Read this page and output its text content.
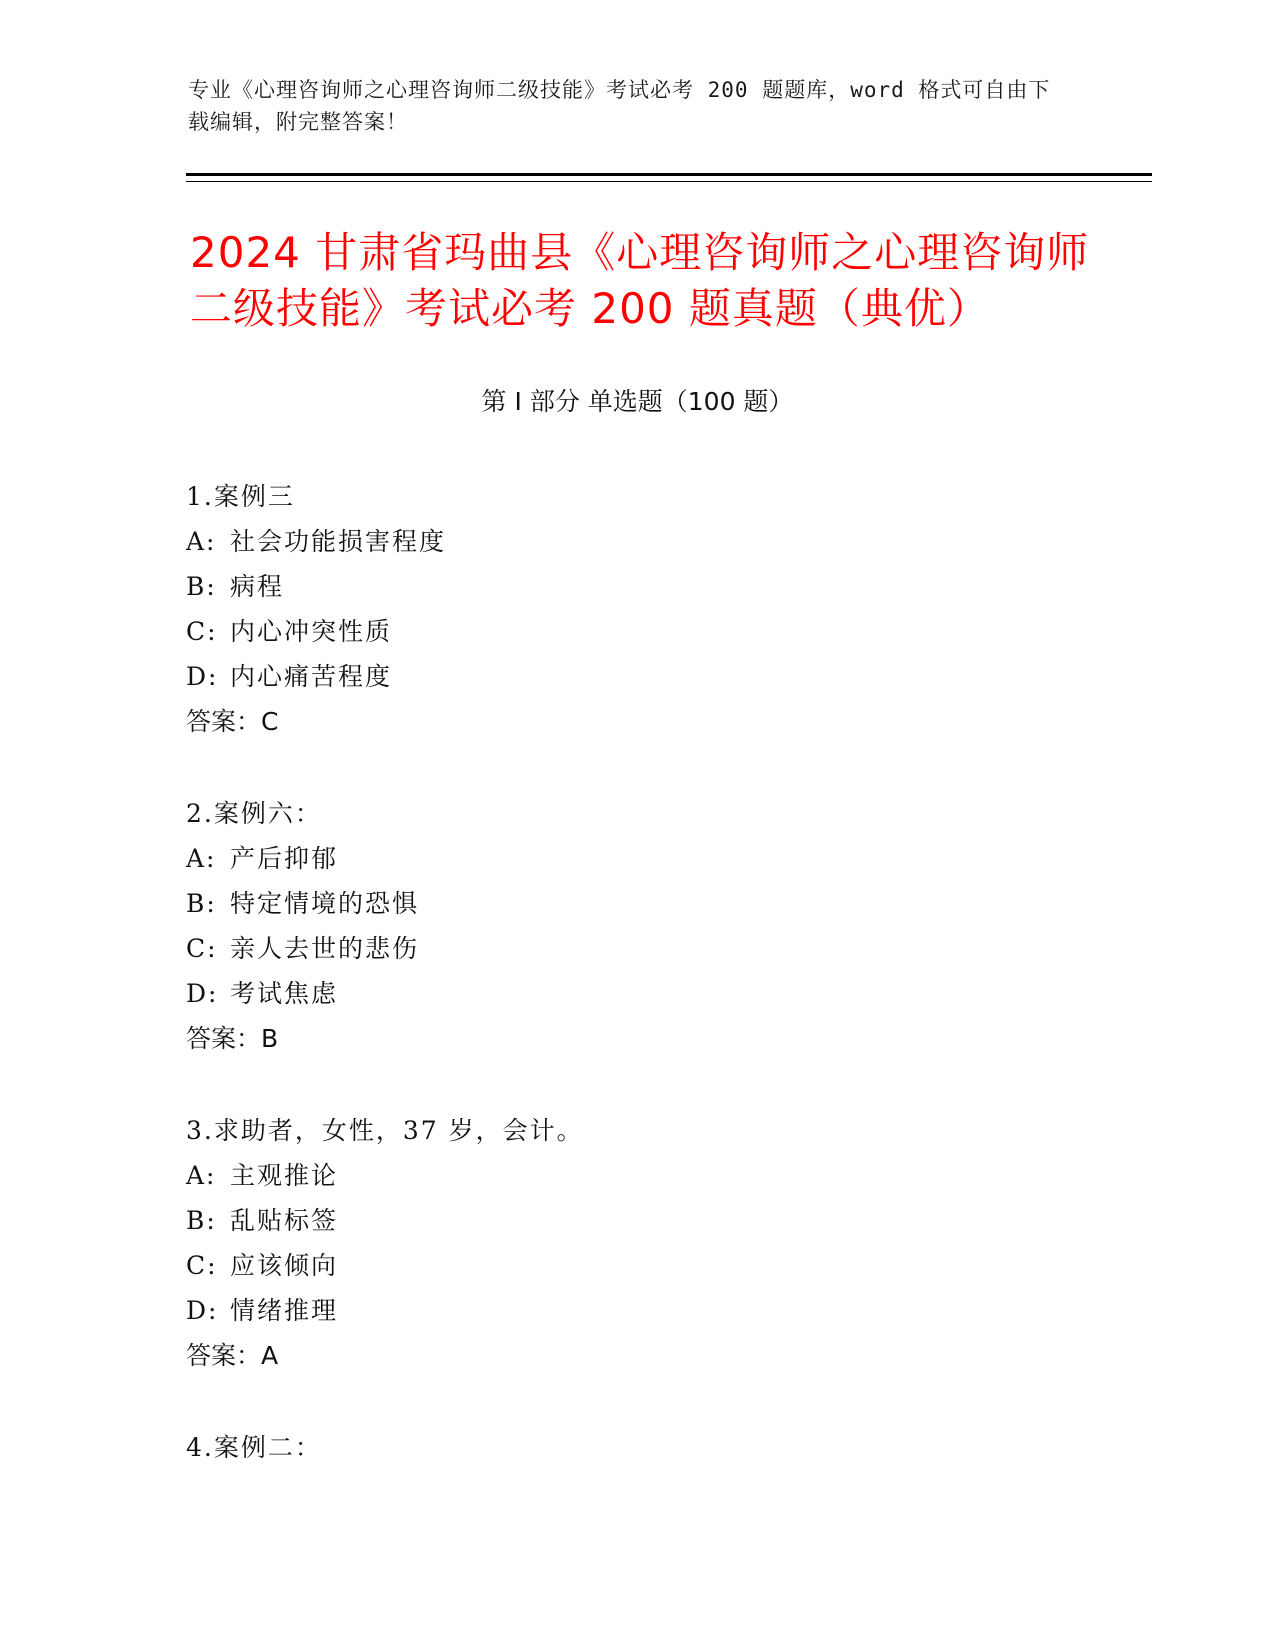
专业《心理咨询师之心理咨询师二级技能》考试必考 200 题题库，word 格式可自由下载编辑，附完整答案！
2024 甘肃省玛曲县《心理咨询师之心理咨询师二级技能》考试必考 200 题真题（典优）
第 I 部分 单选题（100 题）
1.案例三
A: 社会功能损害程度
B: 病程
C: 内心冲突性质
D: 内心痛苦程度
答案：C
2.案例六：
A: 产后抑郁
B: 特定情境的恐惧
C: 亲人去世的悲伤
D: 考试焦虑
答案：B
3.求助者，女性，37 岁，会计。
A: 主观推论
B: 乱贴标签
C: 应该倾向
D: 情绪推理
答案：A
4.案例二：
